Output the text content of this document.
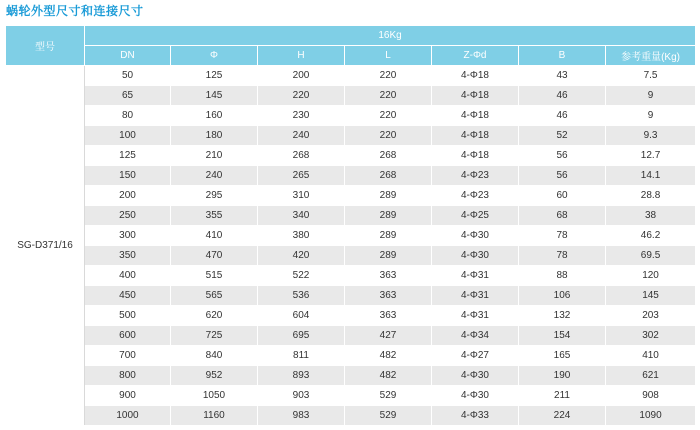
蜗轮外型尺寸和连接尺寸
型号	16Kg						
	DN	Φ	H	L	Z-Φd	B	参考重量(Kg)
SG-D371/16	50	125	200	220	4-Φ18	43	7.5
	65	145	220	220	4-Φ18	46	9
	80	160	230	220	4-Φ18	46	9
	100	180	240	220	4-Φ18	52	9.3
	125	210	268	268	4-Φ18	56	12.7
	150	240	265	268	4-Φ23	56	14.1
	200	295	310	289	4-Φ23	60	28.8
	250	355	340	289	4-Φ25	68	38
	300	410	380	289	4-Φ30	78	46.2
	350	470	420	289	4-Φ30	78	69.5
	400	515	522	363	4-Φ31	88	120
	450	565	536	363	4-Φ31	106	145
	500	620	604	363	4-Φ31	132	203
	600	725	695	427	4-Φ34	154	302
	700	840	811	482	4-Φ27	165	410
	800	952	893	482	4-Φ30	190	621
	900	1050	903	529	4-Φ30	211	908
	1000	1160	983	529	4-Φ33	224	1090
